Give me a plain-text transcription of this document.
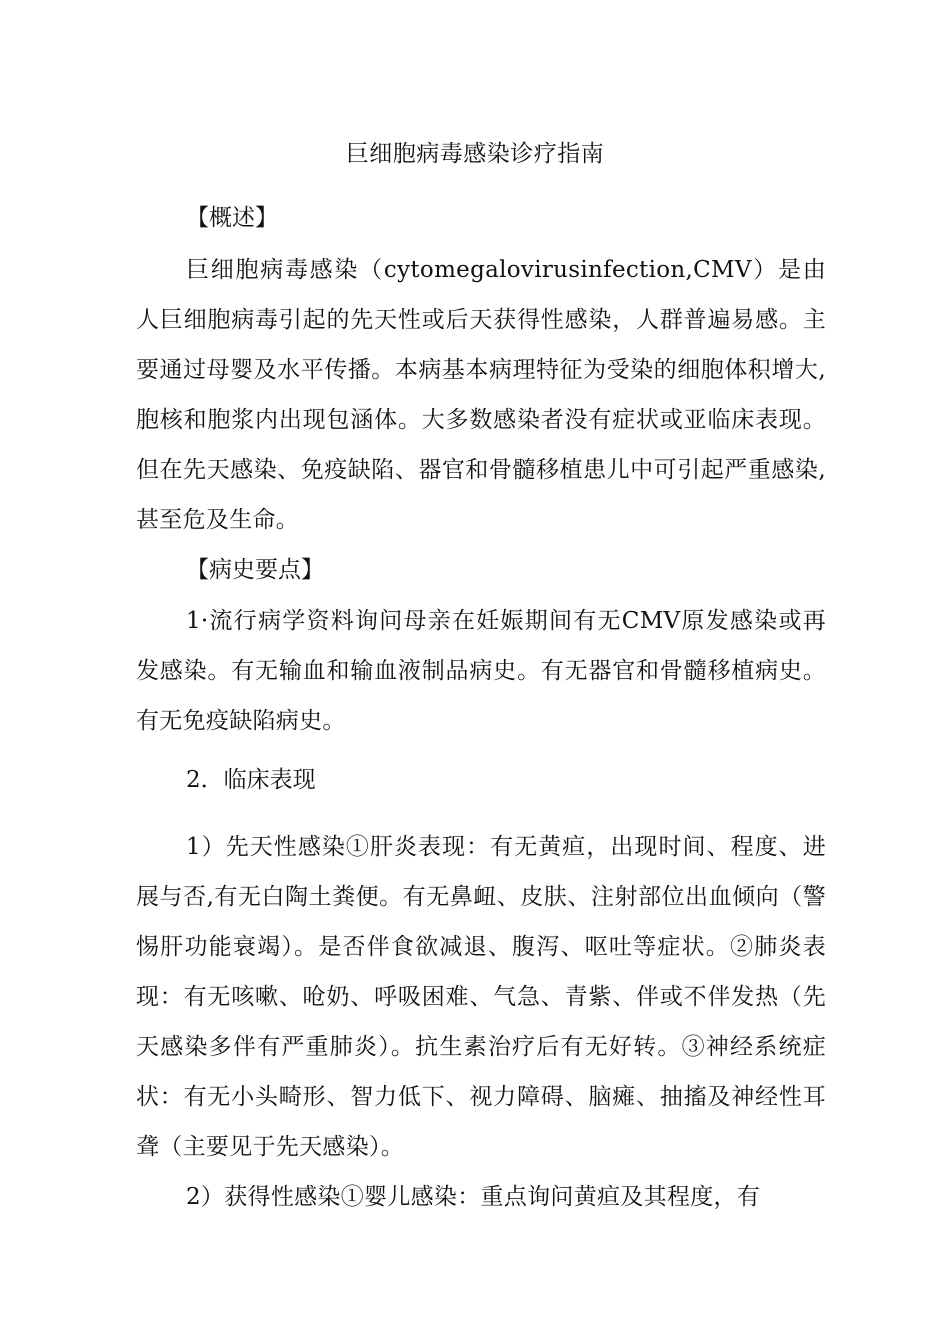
巨细胞病毒感染诊疗指南
【概述】
巨细胞病毒感染（cytomegalovirusinfection,CMV）是由人巨细胞病毒引起的先天性或后天获得性感染，人群普遍易感。主要通过母婴及水平传播。本病基本病理特征为受染的细胞体积增大,胞核和胞浆内出现包涵体。大多数感染者没有症状或亚临床表现。但在先天感染、免疫缺陷、器官和骨髓移植患儿中可引起严重感染,甚至危及生命。
【病史要点】
1·流行病学资料询问母亲在妊娠期间有无CMV原发感染或再发感染。有无输血和输血液制品病史。有无器官和骨髓移植病史。有无免疫缺陷病史。
2．临床表现
1）先天性感染①肝炎表现：有无黄疸，出现时间、程度、进展与否,有无白陶土粪便。有无鼻衄、皮肤、注射部位出血倾向（警惕肝功能衰竭）。是否伴食欲减退、腹泻、呕吐等症状。②肺炎表现：有无咳嗽、呛奶、呼吸困难、气急、青紫、伴或不伴发热（先天感染多伴有严重肺炎）。抗生素治疗后有无好转。③神经系统症状：有无小头畸形、智力低下、视力障碍、脑瘫、抽搐及神经性耳聋（主要见于先天感染）。
2）获得性感染①婴儿感染：重点询问黄疸及其程度，有
